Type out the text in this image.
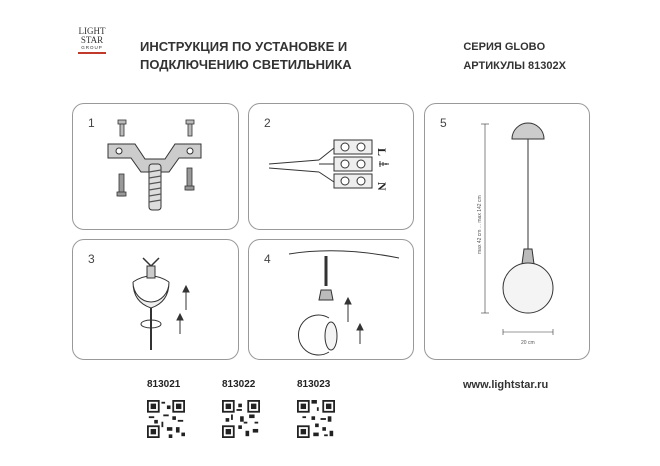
LIGHT
STAR
GROUP	ИНСТРУКЦИЯ ПО УСТАНОВКЕ И
ПОДКЛЮЧЕНИЮ СВЕТИЛЬНИКА
СЕРИЯ GLOBO
АРТИКУЛЫ 81302Х
1	2
L
N
5
max 42 cm ... max 142 cm
20 cm
3	4
813021	813022	813023	www.lightstar.ru
